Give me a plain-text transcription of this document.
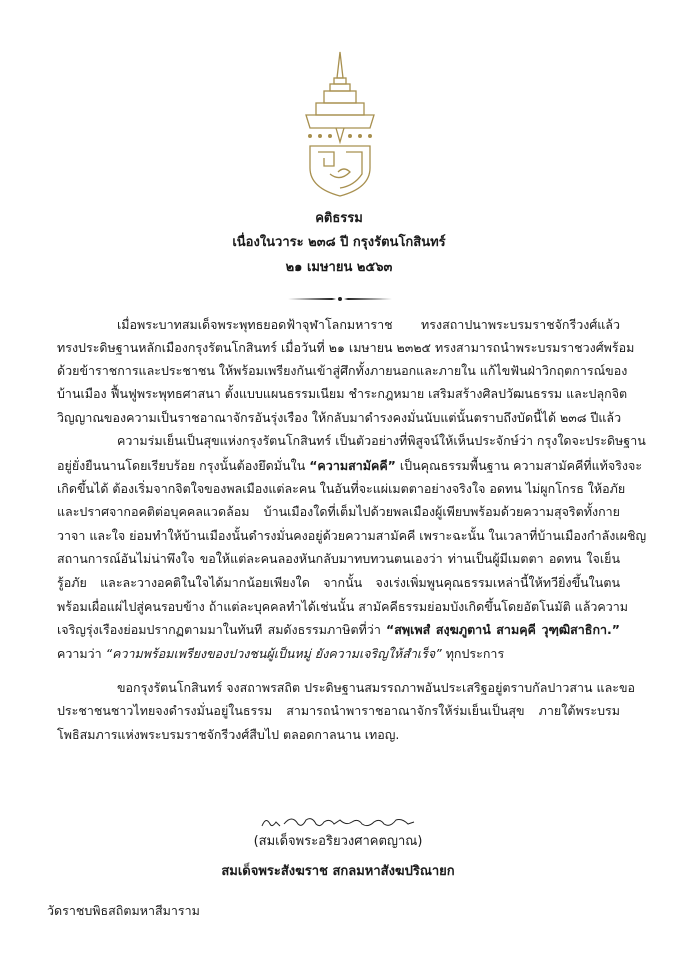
คติธรรม
เนื่องในวาระ ๒๓๘ ปี กรุงรัตนโกสินทร์
๒๑ เมษายน ๒๕๖๓
เมื่อพระบาทสมเด็จพระพุทธยอดฟ้าจุฬาโลกมหาราช ทรงสถาปนาพระบรมราชจักรีวงศ์แล้ว
ทรงประดิษฐานหลักเมืองกรุงรัตนโกสินทร์ เมื่อวันที่ ๒๑ เมษายน ๒๓๒๕ ทรงสามารถนำพระบรมราชวงศ์พร้อม
ด้วยข้าราชการและประชาชน ให้พร้อมเพรียงกันเข้าสู่ศึกทั้งภายนอกและภายใน แก้ไขฟันฝ่าวิกฤตการณ์ของ
บ้านเมือง ฟื้นฟูพระพุทธศาสนา ตั้งแบบแผนธรรมเนียม ชำระกฎหมาย เสริมสร้างศิลปวัฒนธรรม และปลุกจิต
วิญญาณของความเป็นราชอาณาจักรอันรุ่งเรือง ให้กลับมาดำรงคงมั่นนับแต่นั้นตราบถึงบัดนี้ได้ ๒๓๘ ปีแล้ว
ความร่มเย็นเป็นสุขแห่งกรุงรัตนโกสินทร์ เป็นตัวอย่างที่พิสูจน์ให้เห็นประจักษ์ว่า กรุงใดจะประดิษฐาน
อยู่ยั่งยืนนานโดยเรียบร้อย กรุงนั้นต้องยึดมั่นใน “ความสามัคคี” เป็นคุณธรรมพื้นฐาน ความสามัคคีที่แท้จริงจะ
เกิดขึ้นได้ ต้องเริ่มจากจิตใจของพลเมืองแต่ละคน ในอันที่จะแผ่เมตตาอย่างจริงใจ อดทน ไม่ผูกโกรธ ให้อภัย
และปราศจากอคติต่อบุคคลแวดล้อม บ้านเมืองใดที่เต็มไปด้วยพลเมืองผู้เพียบพร้อมด้วยความสุจริตทั้งกาย
วาจา และใจ ย่อมทำให้บ้านเมืองนั้นดำรงมั่นคงอยู่ด้วยความสามัคคี เพราะฉะนั้น ในเวลาที่บ้านเมืองกำลังเผชิญ
สถานการณ์อันไม่น่าพึงใจ ขอให้แต่ละคนลองหันกลับมาทบทวนตนเองว่า ท่านเป็นผู้มีเมตตา อดทน ใจเย็น
รู้อภัย และละวางอคติในใจได้มากน้อยเพียงใด จากนั้น จงเร่งเพิ่มพูนคุณธรรมเหล่านี้ให้ทวียิ่งขึ้นในตน
พร้อมเผื่อแผ่ไปสู่คนรอบข้าง ถ้าแต่ละบุคคลทำได้เช่นนั้น สามัคคีธรรมย่อมบังเกิดขึ้นโดยอัตโนมัติ แล้วความ
เจริญรุ่งเรืองย่อมปรากฏตามมาในทันที สมดังธรรมภาษิตที่ว่า “สพฺเพสํ สงฺฆภูตานํ สามคฺคี วุฑฺฒิสาธิกา.”
ความว่า “ความพร้อมเพรียงของปวงชนผู้เป็นหมู่ ยังความเจริญให้สำเร็จ” ทุกประการ
ขอกรุงรัตนโกสินทร์ จงสถาพรสถิต ประดิษฐานสมรรถภาพอันประเสริฐอยู่ตราบกัลปาวสาน และขอ
ประชาชนชาวไทยจงดำรงมั่นอยู่ในธรรม สามารถนำพาราชอาณาจักรให้ร่มเย็นเป็นสุข ภายใต้พระบรม
โพธิสมภารแห่งพระบรมราชจักรีวงศ์สืบไป ตลอดกาลนาน เทอญ.
(สมเด็จพระอริยวงศาคตญาณ)
สมเด็จพระสังฆราช สกลมหาสังฆปริณายก
วัดราชบพิธสถิตมหาสีมาราม
